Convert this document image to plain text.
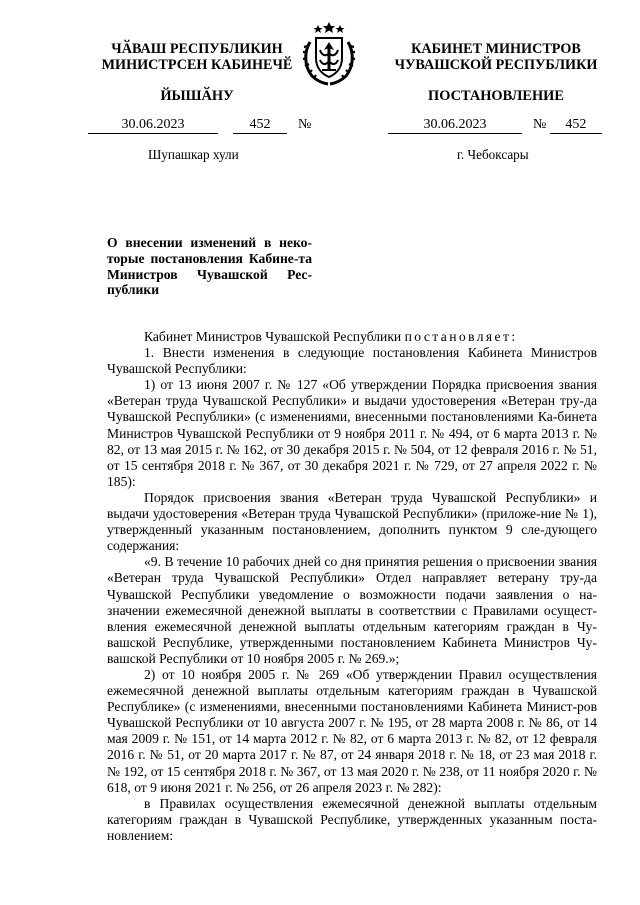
ЧӐВАШ РЕСПУБЛИКИН
МИНИСТРСЕН КАБИНЕЧӖ
ЙЫШӐНУ
КАБИНЕТ МИНИСТРОВ
ЧУВАШСКОЙ РЕСПУБЛИКИ
ПОСТАНОВЛЕНИЕ
30.06.2023	452 №	30.06.2023	№ 452
Шупашкар хули	г. Чебоксары
О внесении изменений в неко-торые постановления Кабине-та Министров Чувашской Рес-публики

Кабинет Министров Чувашской Республики постановляет:

1. Внести изменения в следующие постановления Кабинета Министров Чувашской Республики:

1) от 13 июня 2007 г. № 127 «Об утверждении Порядка присвоения звания «Ветеран труда Чувашской Республики» и выдачи удостоверения «Ветеран тру-да Чувашской Республики» (с изменениями, внесенными постановлениями Ка-бинета Министров Чувашской Республики от 9 ноября 2011 г. № 494, от 6 марта 2013 г. № 82, от 13 мая 2015 г. № 162, от 30 декабря 2015 г. № 504, от 12 февраля 2016 г. № 51, от 15 сентября 2018 г. № 367, от 30 декабря 2021 г. № 729, от 27 апреля 2022 г. № 185):

Порядок присвоения звания «Ветеран труда Чувашской Республики» и выдачи удостоверения «Ветеран труда Чувашской Республики» (приложе-ние № 1), утвержденный указанным постановлением, дополнить пунктом 9 сле-дующего содержания:

«9. В течение 10 рабочих дней со дня принятия решения о присвоении звания «Ветеран труда Чувашской Республики» Отдел направляет ветерану тру-да Чувашской Республики уведомление о возможности подачи заявления о на-значении ежемесячной денежной выплаты в соответствии с Правилами осущест-вления ежемесячной денежной выплаты отдельным категориям граждан в Чу-вашской Республике, утвержденными постановлением Кабинета Министров Чу-вашской Республики от 10 ноября 2005 г. № 269.»;

2) от 10 ноября 2005 г. № 269 «Об утверждении Правил осуществления ежемесячной денежной выплаты отдельным категориям граждан в Чувашской Республике» (с изменениями, внесенными постановлениями Кабинета Минист-ров Чувашской Республики от 10 августа 2007 г. № 195, от 28 марта 2008 г. № 86, от 14 мая 2009 г. № 151, от 14 марта 2012 г. № 82, от 6 марта 2013 г. № 82, от 12 февраля 2016 г. № 51, от 20 марта 2017 г. № 87, от 24 января 2018 г. № 18, от 23 мая 2018 г. № 192, от 15 сентября 2018 г. № 367, от 13 мая 2020 г. № 238, от 11 ноября 2020 г. № 618, от 9 июня 2021 г. № 256, от 26 апреля 2023 г. № 282):

в Правилах осуществления ежемесячной денежной выплаты отдельным категориям граждан в Чувашской Республике, утвержденных указанным поста-новлением:
